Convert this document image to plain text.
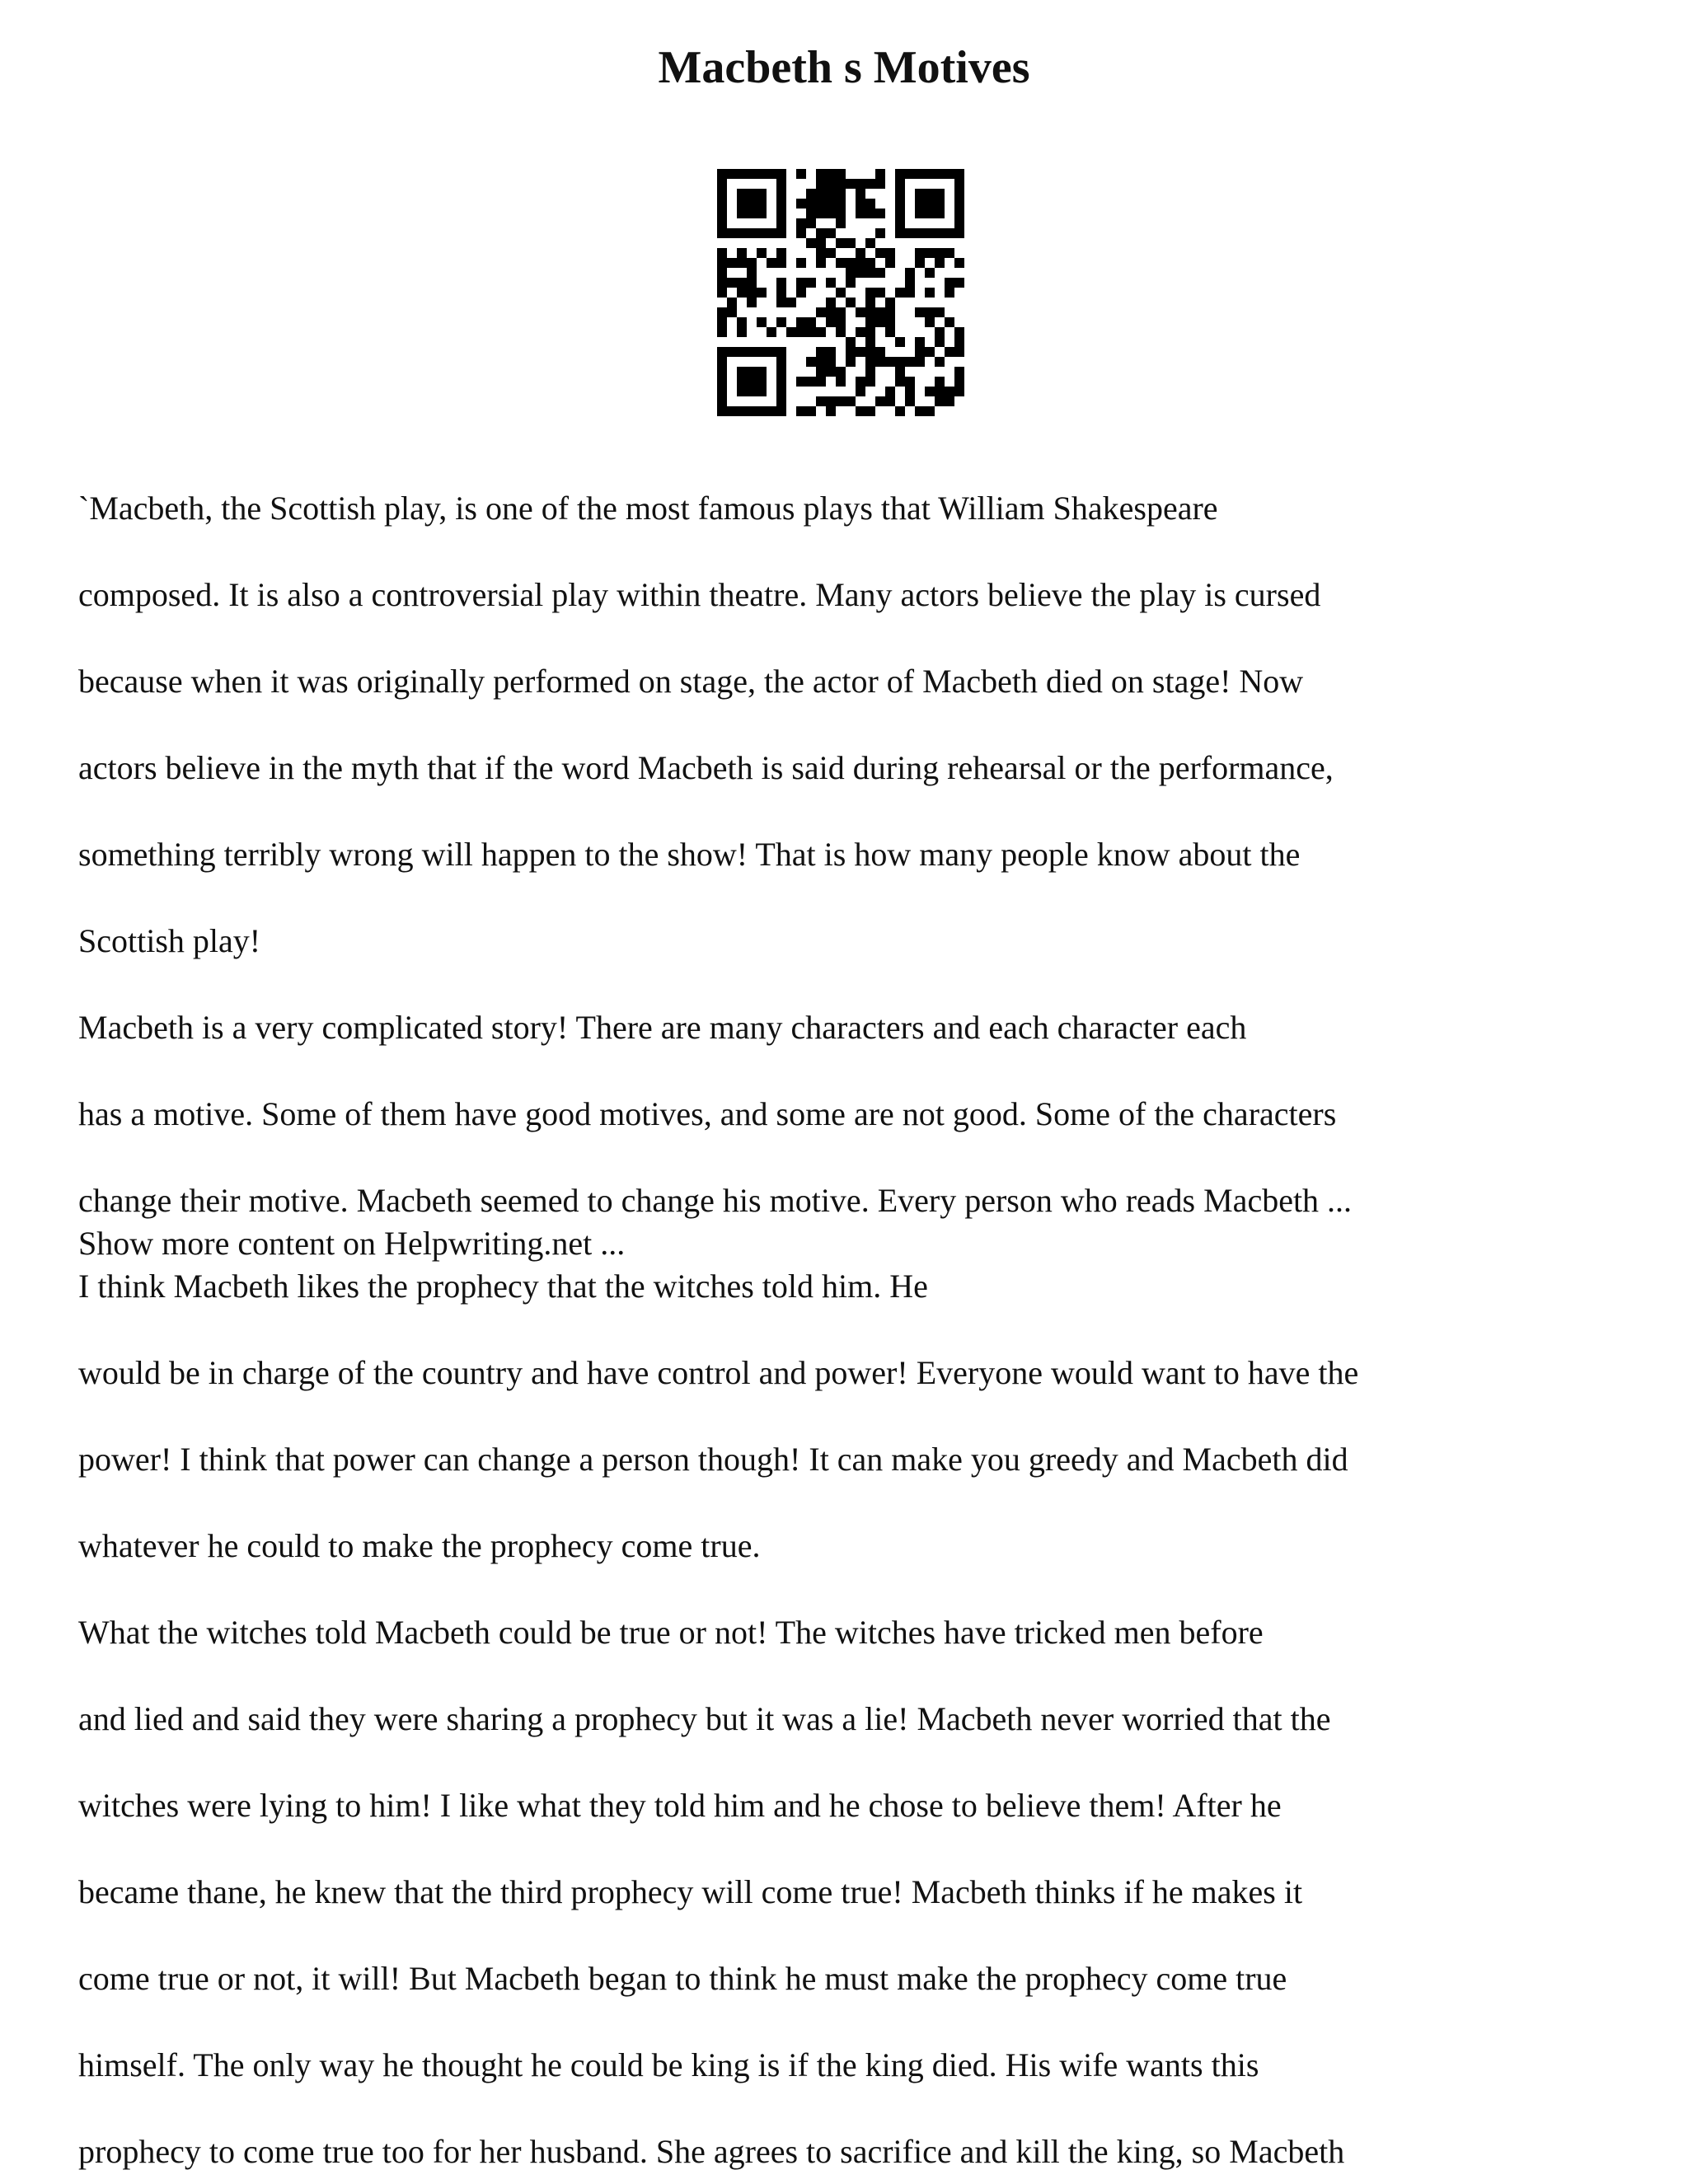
Macbeth s Motives

`Macbeth, the Scottish play, is one of the most famous plays that William Shakespeare

composed. It is also a controversial play within theatre. Many actors believe the play is cursed

because when it was originally performed on stage, the actor of Macbeth died on stage! Now

actors believe in the myth that if the word Macbeth is said during rehearsal or the performance,

something terribly wrong will happen to the show! That is how many people know about the

Scottish play!

Macbeth is a very complicated story! There are many characters and each character each

has a motive. Some of them have good motives, and some are not good. Some of the characters

change their motive. Macbeth seemed to change his motive. Every person who reads Macbeth ...

Show more content on Helpwriting.net ...

I think Macbeth likes the prophecy that the witches told him. He

would be in charge of the country and have control and power! Everyone would want to have the

power! I think that power can change a person though! It can make you greedy and Macbeth did

whatever he could to make the prophecy come true.

What the witches told Macbeth could be true or not! The witches have tricked men before

and lied and said they were sharing a prophecy but it was a lie! Macbeth never worried that the

witches were lying to him! I like what they told him and he chose to believe them! After he

became thane, he knew that the third prophecy will come true! Macbeth thinks if he makes it

come true or not, it will! But Macbeth began to think he must make the prophecy come true

himself. The only way he thought he could be king is if the king died. His wife wants this

prophecy to come true too for her husband. She agrees to sacrifice and kill the king, so Macbeth
